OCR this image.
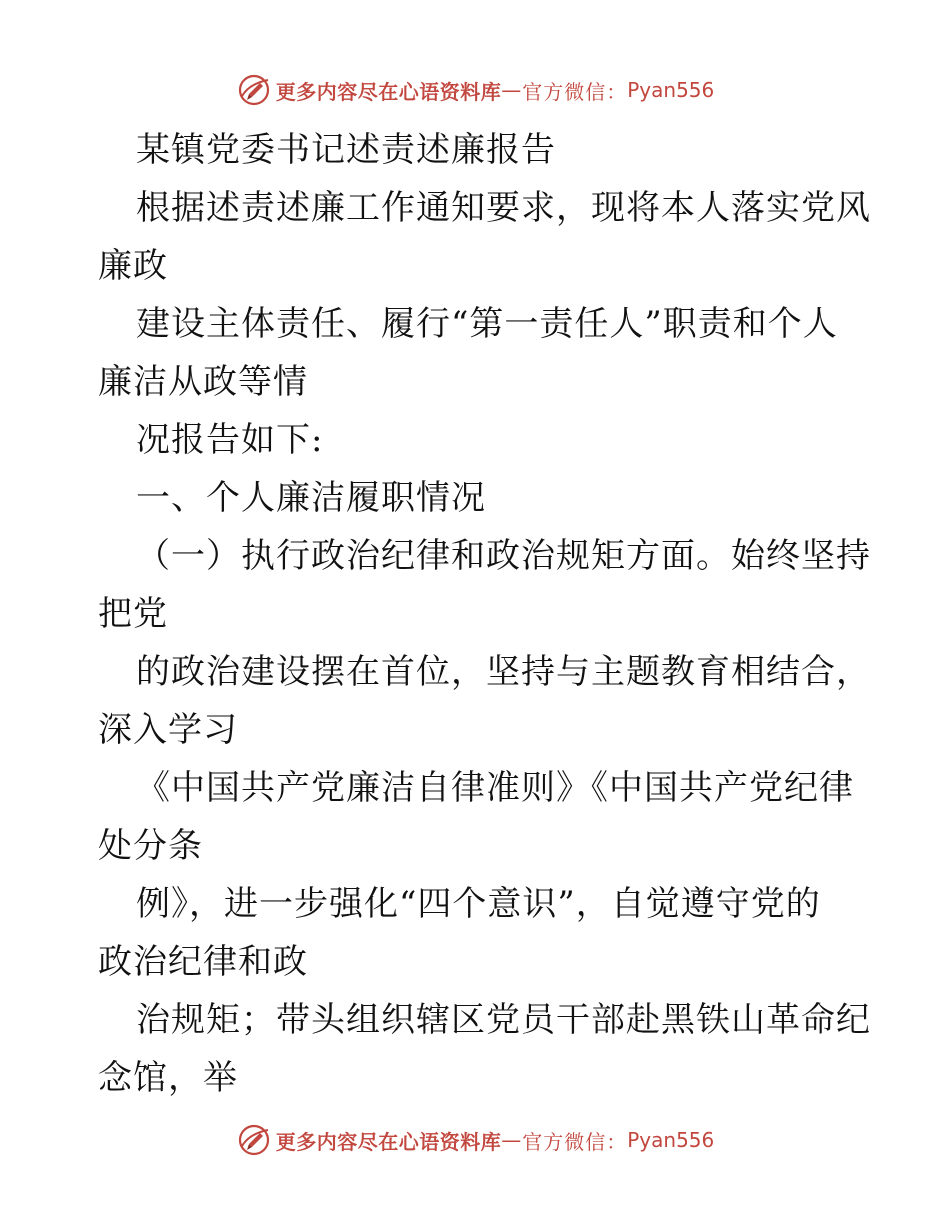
更多内容尽在心语资料库 — 官方微信： Pyan556
某镇党委书记述责述廉报告
根据述责述廉工作通知要求，现将本人落实党风
廉政
建设主体责任、履行“第一责任人”职责和个人
廉洁从政等情
况报告如下:
一、个人廉洁履职情况
（一）执行政治纪律和政治规矩方面。始终坚持
把党
的政治建设摆在首位，坚持与主题教育相结合，
深入学习
《中国共产党廉洁自律准则》《中国共产党纪律
处分条
例》，进一步强化“四个意识”，自觉遵守党的
政治纪律和政
治规矩；带头组织辖区党员干部赴黑铁山革命纪
念馆，举
更多内容尽在心语资料库 — 官方微信： Pyan556
